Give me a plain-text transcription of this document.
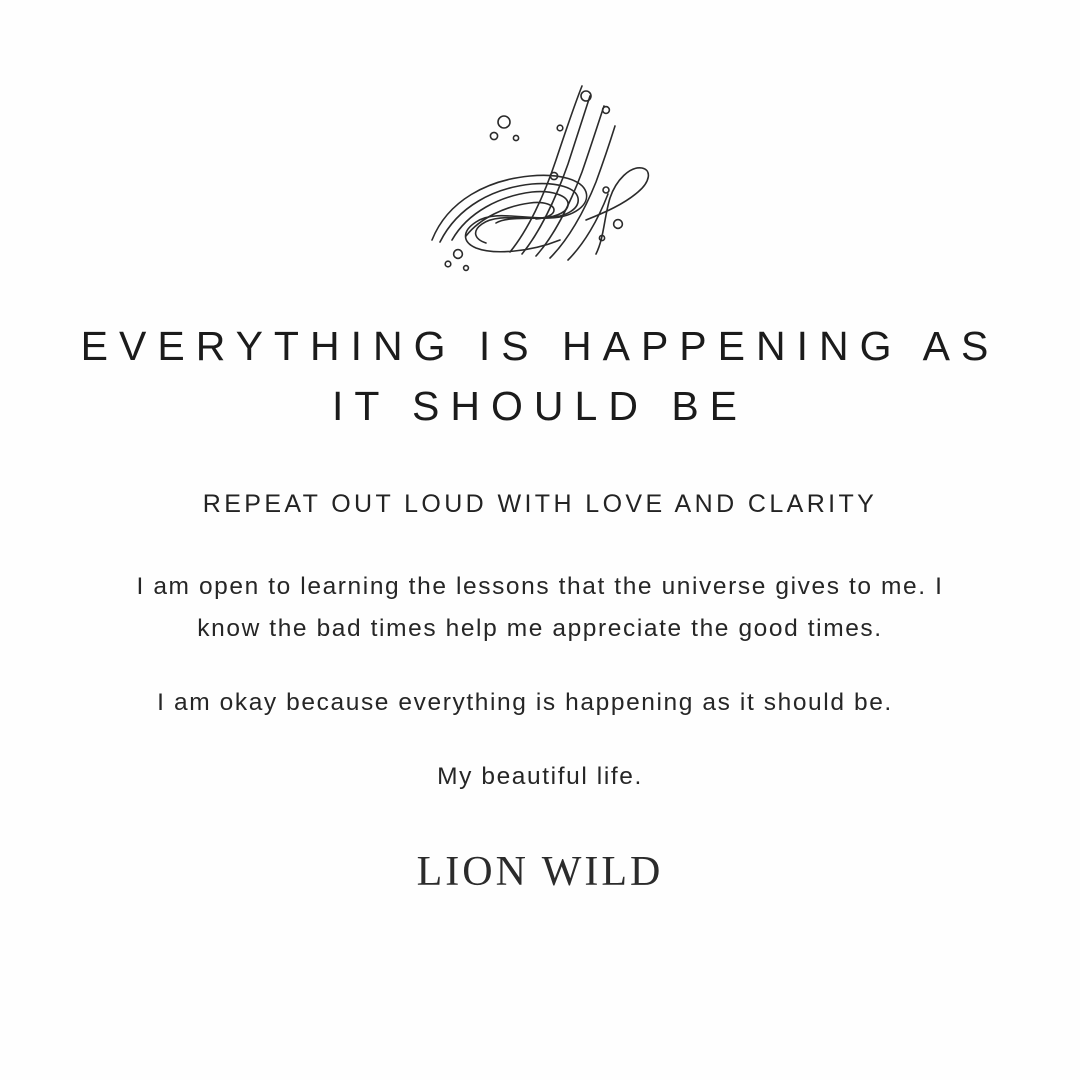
EVERYTHING IS HAPPENING AS IT SHOULD BE
REPEAT OUT LOUD WITH LOVE AND CLARITY

I am open to learning the lessons that the universe gives to me. I know the bad times help me appreciate the good times.

I am okay because everything is happening as it should be.

My beautiful life.

LION WILD
